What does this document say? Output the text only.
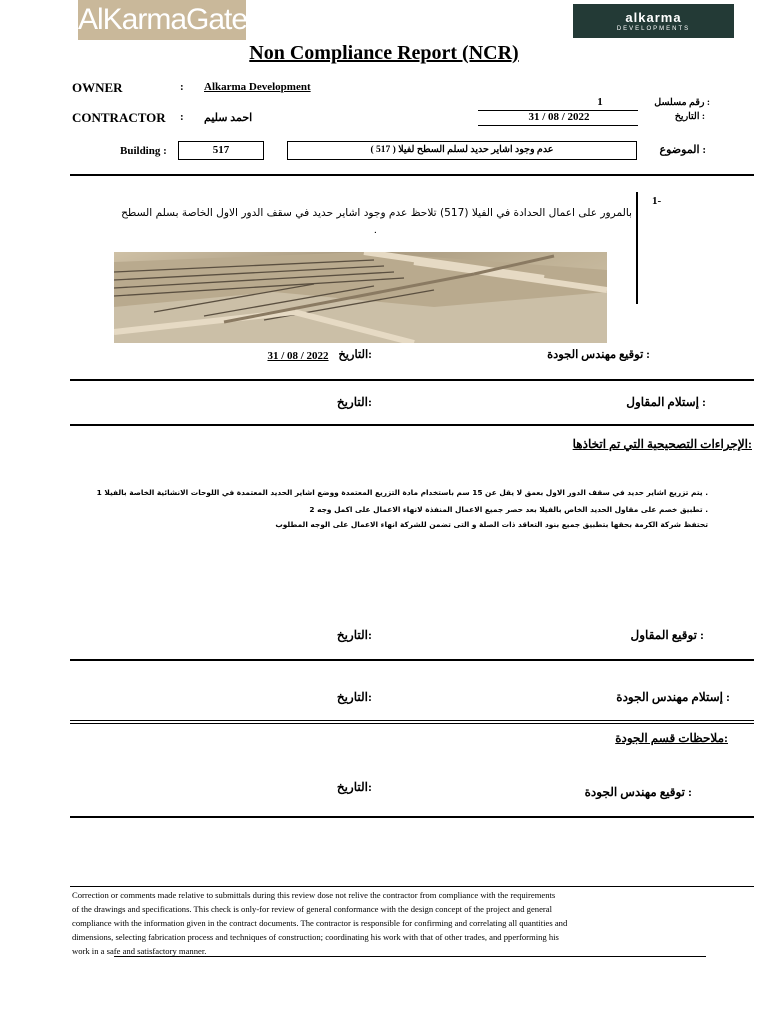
AlKarmaGates	alkarma
DEVELOPMENTS
Non Compliance Report (NCR)
OWNER	: Alkarma Development
CONTRACTOR : احمد سليم
1	: رقم مسلسل
31 / 08 / 2022	: التاريخ
Building :	517	عدم وجود اشاير حديد لسلم السطح لفيلا ( 517 )	: الموضوع
1-
بالمرور على اعمال الحدادة في الفيلا (517) تلاحظ عدم وجود اشاير حديد في سقف الدور الاول الخاصة بسلم السطح
.
: توقيع مهندس الجودة
:التاريخ
31 / 08 / 2022
: إستلام المقاول
:التاريخ
:الإجراءات التصحيحية التي تم اتخاذها
. يتم تزريع اشاير حديد في سقف الدور الاول بعمق لا يقل عن 15 سم باستخدام مادة التزريع المعتمدة ووضع اشاير الحديد المعتمدة في اللوحات الانشائية الخاصة بالفيلا 1
. تطبيق خصم على مقاول الحديد الخاص بالفيلا بعد حصر جميع الاعمال المنفذة لانهاء الاعمال على اكمل وجه 2
تحتفظ شركة الكرمة بحقها بتطبيق جميع بنود التعاقد ذات الصلة و التى تضمن للشركة انهاء الاعمال على الوجه المطلوب
: توقيع المقاول
:التاريخ
: إستلام مهندس الجودة
:التاريخ
:ملاحظات قسم الجودة
: توقيع مهندس الجودة
:التاريخ
Correction or comments made relative to submittals during this review dose not relive the contractor from compliance with the requirements
of the drawings and specifications. This check is only-for review of general conformance with the design concept of the project and general
compliance with the information given in the contract documents. The contractor is responsible for confirming and correlating all quantities and
dimensions, selecting fabrication process and techniques of construction; coordinating his work with that of other trades, and pperforming his
work in a safe and satisfactory manner.
